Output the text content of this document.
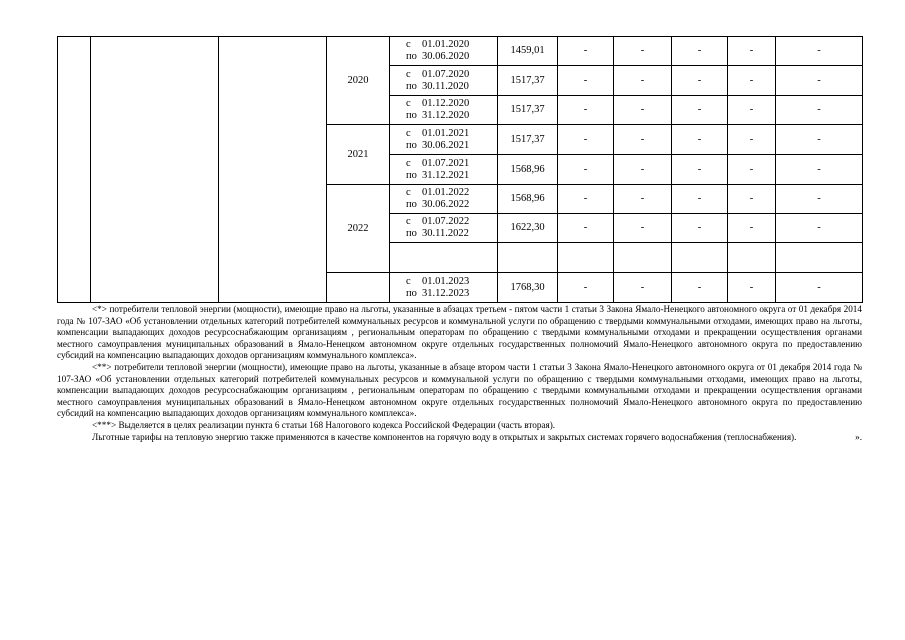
			2020	с 01.01.2020
по 30.06.2020	1459,01	-	-	-	-	-

				с 01.07.2020
по 30.11.2020	1517,37	-	-	-	-	-

				с 01.12.2020
по 31.12.2020	1517,37	-	-	-	-	-
			2021	с 01.01.2021
по 30.06.2021	1517,37	-	-	-	-	-

				с 01.07.2021
по 31.12.2021	1568,96	-	-	-	-	-
			2022	с 01.01.2022
по 30.06.2022	1568,96	-	-	-	-	-

				с 01.07.2022
по 30.11.2022	1622,30	-	-	-	-	-

				с 01.01.2023
по 31.12.2023	1768,30	-	-	-	-	-

<*> потребители тепловой энергии (мощности), имеющие право на льготы, указанные в абзацах третьем - пятом части 1 статьи 3 Закона Ямало-Ненецкого автономного округа от 01 декабря 2014 года № 107-ЗАО «Об установлении отдельных категорий потребителей коммунальных ресурсов и коммунальной услуги по обращению с твердыми коммунальными отходами, имеющих право на льготы, компенсации выпадающих доходов ресурсоснабжающим организациям , региональным операторам по обращению с твердыми коммунальными отходами и прекращении осуществления органами местного самоуправления муниципальных образований в Ямало-Ненецком автономном округе отдельных государственных полномочий Ямало-Ненецкого автономного округа по предоставлению субсидий на компенсацию выпадающих доходов организациям коммунального комплекса».

<**> потребители тепловой энергии (мощности), имеющие право на льготы, указанные в абзаце втором части 1 статьи 3 Закона Ямало-Ненецкого автономного округа от 01 декабря 2014 года № 107-ЗАО «Об установлении отдельных категорий потребителей коммунальных ресурсов и коммунальной услуги по обращению с твердыми коммунальными отходами, имеющих право на льготы, компенсации выпадающих доходов ресурсоснабжающим организациям , региональным операторам по обращению с твердыми коммунальными отходами и прекращении осуществления органами местного самоуправления муниципальных образований в Ямало-Ненецком автономном округе отдельных государственных полномочий Ямало-Ненецкого автономного округа по предоставлению субсидий на компенсацию выпадающих доходов организациям коммунального комплекса».

<***> Выделяется в целях реализации пункта 6 статьи 168 Налогового кодекса Российской Федерации (часть вторая).

Льготные тарифы на тепловую энергию также применяются в качестве компонентов на горячую воду в открытых и закрытых системах горячего водоснабжения (теплоснабжения).	».
